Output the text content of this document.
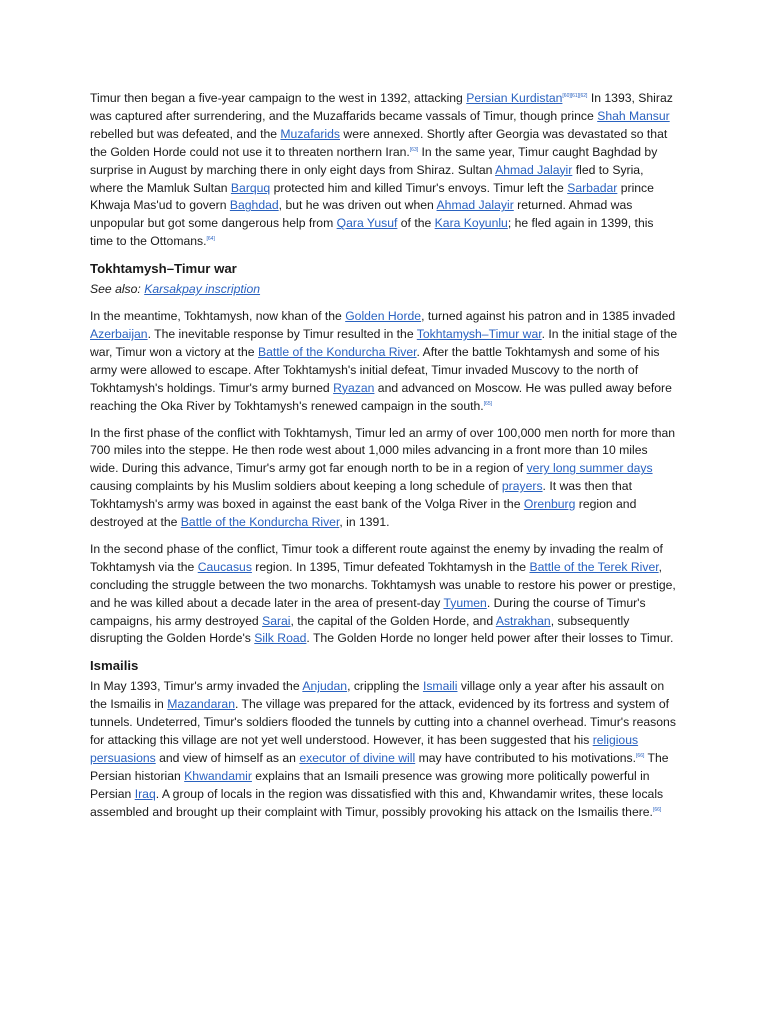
Timur then began a five-year campaign to the west in 1392, attacking Persian Kurdistan[60][61][62] In 1393, Shiraz was captured after surrendering, and the Muzaffarids became vassals of Timur, though prince Shah Mansur rebelled but was defeated, and the Muzafarids were annexed. Shortly after Georgia was devastated so that the Golden Horde could not use it to threaten northern Iran.[63] In the same year, Timur caught Baghdad by surprise in August by marching there in only eight days from Shiraz. Sultan Ahmad Jalayir fled to Syria, where the Mamluk Sultan Barquq protected him and killed Timur's envoys. Timur left the Sarbadar prince Khwaja Mas'ud to govern Baghdad, but he was driven out when Ahmad Jalayir returned. Ahmad was unpopular but got some dangerous help from Qara Yusuf of the Kara Koyunlu; he fled again in 1399, this time to the Ottomans.[64]

Tokhtamysh–Timur war
See also: Karsakpay inscription

In the meantime, Tokhtamysh, now khan of the Golden Horde, turned against his patron and in 1385 invaded Azerbaijan. The inevitable response by Timur resulted in the Tokhtamysh–Timur war. In the initial stage of the war, Timur won a victory at the Battle of the Kondurcha River. After the battle Tokhtamysh and some of his army were allowed to escape. After Tokhtamysh's initial defeat, Timur invaded Muscovy to the north of Tokhtamysh's holdings. Timur's army burned Ryazan and advanced on Moscow. He was pulled away before reaching the Oka River by Tokhtamysh's renewed campaign in the south.[65]

In the first phase of the conflict with Tokhtamysh, Timur led an army of over 100,000 men north for more than 700 miles into the steppe. He then rode west about 1,000 miles advancing in a front more than 10 miles wide. During this advance, Timur's army got far enough north to be in a region of very long summer days causing complaints by his Muslim soldiers about keeping a long schedule of prayers. It was then that Tokhtamysh's army was boxed in against the east bank of the Volga River in the Orenburg region and destroyed at the Battle of the Kondurcha River, in 1391.

In the second phase of the conflict, Timur took a different route against the enemy by invading the realm of Tokhtamysh via the Caucasus region. In 1395, Timur defeated Tokhtamysh in the Battle of the Terek River, concluding the struggle between the two monarchs. Tokhtamysh was unable to restore his power or prestige, and he was killed about a decade later in the area of present-day Tyumen. During the course of Timur's campaigns, his army destroyed Sarai, the capital of the Golden Horde, and Astrakhan, subsequently disrupting the Golden Horde's Silk Road. The Golden Horde no longer held power after their losses to Timur.

Ismailis

In May 1393, Timur's army invaded the Anjudan, crippling the Ismaili village only a year after his assault on the Ismailis in Mazandaran. The village was prepared for the attack, evidenced by its fortress and system of tunnels. Undeterred, Timur's soldiers flooded the tunnels by cutting into a channel overhead. Timur's reasons for attacking this village are not yet well understood. However, it has been suggested that his religious persuasions and view of himself as an executor of divine will may have contributed to his motivations.[66] The Persian historian Khwandamir explains that an Ismaili presence was growing more politically powerful in Persian Iraq. A group of locals in the region was dissatisfied with this and, Khwandamir writes, these locals assembled and brought up their complaint with Timur, possibly provoking his attack on the Ismailis there.[66]
